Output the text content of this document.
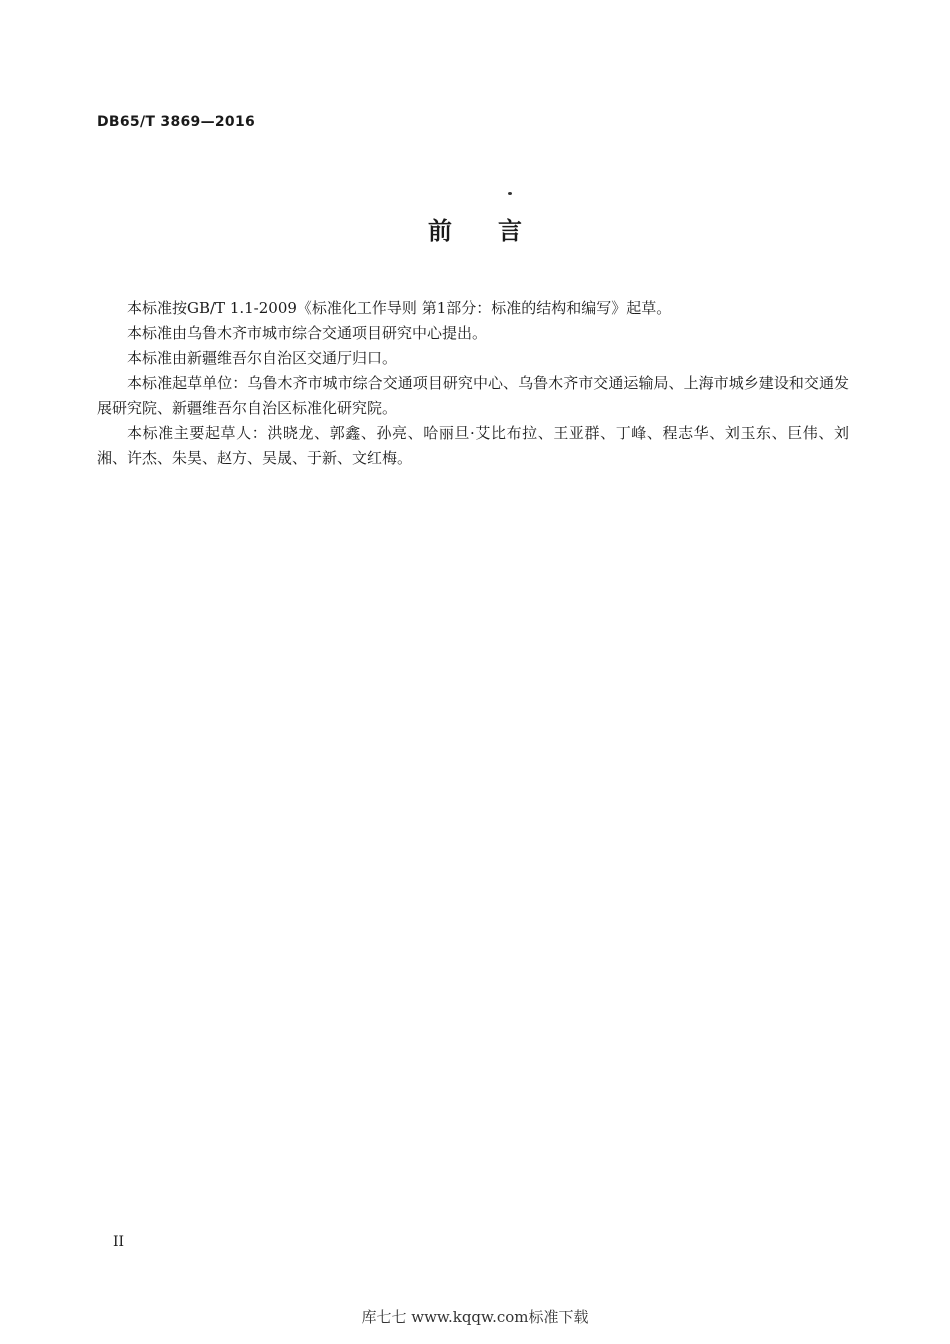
DB65/T 3869—2016
前言

本标准按GB/T 1.1-2009《标准化工作导则 第1部分：标准的结构和编写》起草。

本标准由乌鲁木齐市城市综合交通项目研究中心提出。

本标准由新疆维吾尔自治区交通厅归口。

本标准起草单位：乌鲁木齐市城市综合交通项目研究中心、乌鲁木齐市交通运输局、上海市城乡建设和交通发展研究院、新疆维吾尔自治区标准化研究院。

本标准主要起草人：洪晓龙、郭鑫、孙亮、哈丽旦·艾比布拉、王亚群、丁峰、程志华、刘玉东、巨伟、刘湘、许杰、朱昊、赵方、吴晟、于新、文红梅。

II
库七七 www.kqqw.com标准下载
